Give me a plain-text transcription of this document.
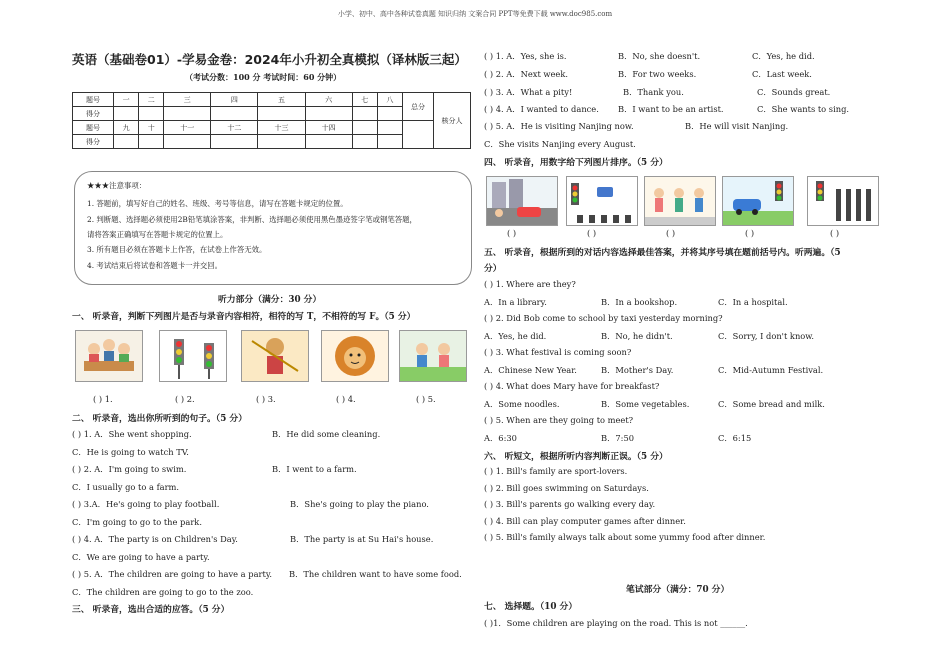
小学、初中、高中各种试卷真题 知识归纳 文案合同 PPT等免费下载 www.doc985.com
英语（基础卷01）-学易金卷：2024年小升初全真模拟（译林版三起）
（考试分数：100 分 考试时间：60 分钟）
题号	一	二	三	四	五	六	七	八	总分	核分人
得分										
题号	九	十	十一	十二	十三	十四				
得分										
★★★注意事项：
1. 答题前，填写好自己的姓名、班级、考号等信息，请写在答题卡规定的位置。
2. 判断题、选择题必须使用2B铅笔填涂答案，非判断、选择题必须使用黑色墨迹签字笔或钢笔答题，
请将答案正确填写在答题卡规定的位置上。
3. 所有题目必须在答题卡上作答，在试卷上作答无效。
4. 考试结束后将试卷和答题卡一并交回。
听力部分（满分：30 分）
一、 听录音，判断下列图片是否与录音内容相符，相符的写 T，不相符的写 F。（5 分）
( ) 1.	( ) 2.	( ) 3.	( ) 4.	( ) 5.
二、 听录音，选出你所听到的句子。（5 分）
( ) 1. A．She went shopping.	B．He did some cleaning.
C．He is going to watch TV.
( ) 2. A．I'm going to swim.	B．I went to a farm.
C．I usually go to a farm.
( ) 3.A．He's going to play football.	B．She's going to play the piano.
C．I'm going to go to the park.
( ) 4. A．The party is on Children's Day.	B．The party is at Su Hai's house.
C．We are going to have a party.
( ) 5. A．The children are going to have a party. B．The children want to have some food.
C．The children are going to go to the zoo.
三、 听录音，选出合适的应答。（5 分）
( ) 1. A．Yes, she is.	B．No, she doesn't.	C．Yes, he did.
( ) 2. A．Next week.	B．For two weeks.	C．Last week.
( ) 3. A．What a pity!	B．Thank you.	C．Sounds great.
( ) 4. A．I wanted to dance. B．I want to be an artist.	C．She wants to sing.
( ) 5. A．He is visiting Nanjing now.	B．He will visit Nanjing.
C．She visits Nanjing every August.
四、 听录音，用数字给下列图片排序。（5 分）
( )	( )	( )	( )	( )
五、 听录音，根据所到的对话内容选择最佳答案，并将其序号填在题前括号内。听两遍。（5
分）
( ) 1. Where are they?
A．In a library.	B．In a bookshop.	C．In a hospital.
( ) 2. Did Bob come to school by taxi yesterday morning?
A．Yes, he did.	B．No, he didn't.	C．Sorry, I don't know.
( ) 3. What festival is coming soon?
A．Chinese New Year.	B．Mother's Day.	C．Mid-Autumn Festival.
( ) 4. What does Mary have for breakfast?
A．Some noodles.	B．Some vegetables.	C．Some bread and milk.
( ) 5. When are they going to meet?
A．6:30	B．7:50	C．6:15
六、 听短文，根据所听内容判断正误。（5 分）
( ) 1. Bill's family are sport-lovers.
( ) 2. Bill goes swimming on Saturdays.
( ) 3. Bill's parents go walking every day.
( ) 4. Bill can play computer games after dinner.
( ) 5. Bill's family always talk about some yummy food after dinner.
笔试部分（满分：70 分）
七、 选择题。（10 分）
( )1．Some children are playing on the road. This is not ______.
